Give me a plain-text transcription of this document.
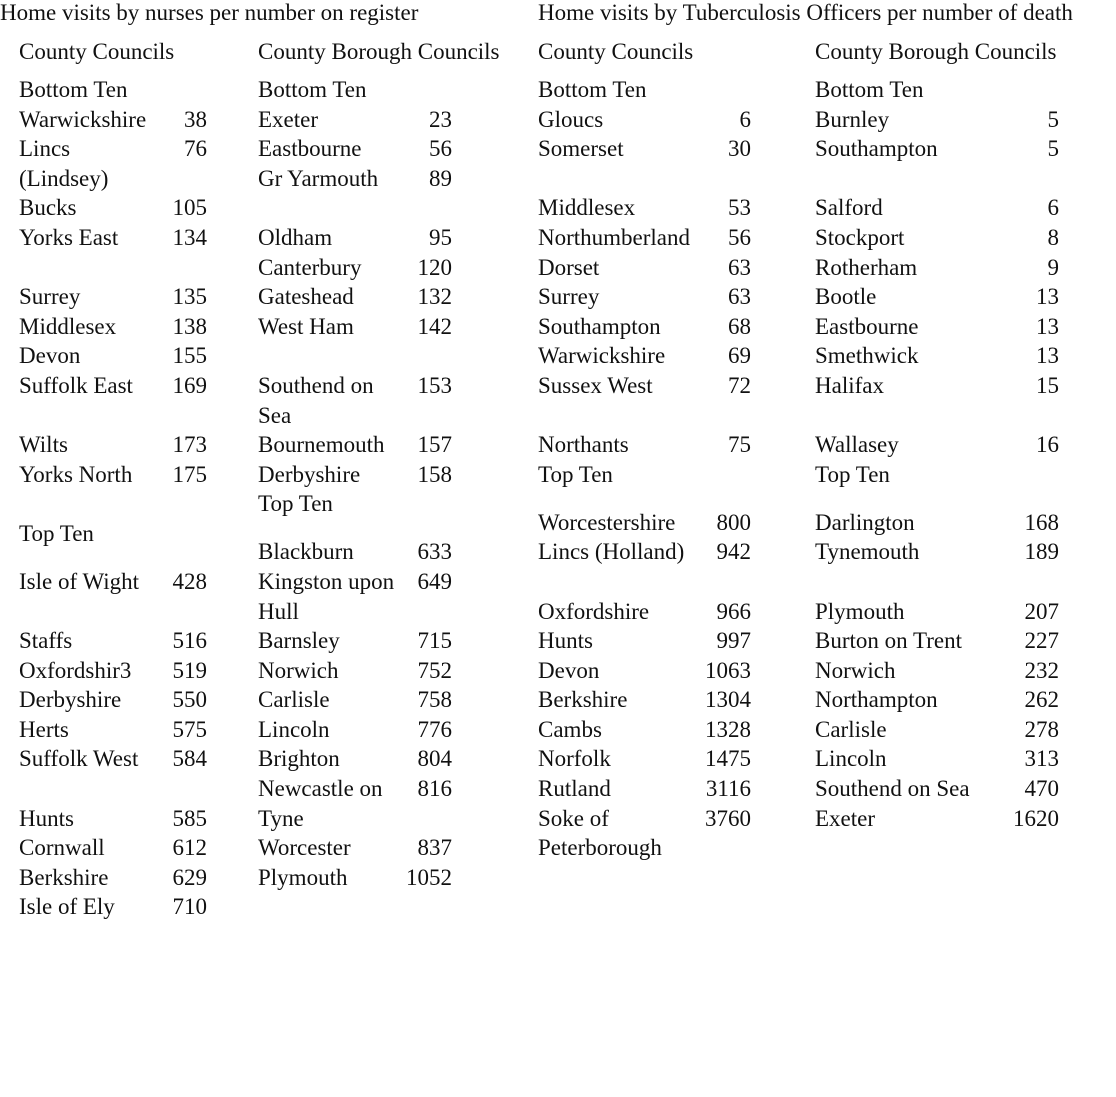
Home visits by nurses per number on register	Home visits by Tuberculosis Officers per number of death
County Councils
Bottom Ten
Warwickshire	38
Lincs (Lindsey)
76
Bucks	105
Yorks East	134
Surrey	135
Middlesex	138
Devon	155
Suffolk East	169
Wilts	173
Yorks North	175
Top Ten
Isle of Wight	428
Staffs	516
Oxfordshir3	519
Derbyshire	550
Herts	575
Suffolk West	584
Hunts	585
Cornwall	612
Berkshire	629
Isle of Ely	710
County Borough Councils
Bottom Ten
Exeter	23
Eastbourne	56
Gr Yarmouth	89
Oldham	95
Canterbury	120
Gateshead	132
West Ham	142
Southend on Sea
153
Bournemouth	157
Derbyshire	158
Top Ten
Blackburn	633
Kingston upon Hull
649
Barnsley	715
Norwich	752
Carlisle	758
Lincoln	776
Brighton	804
Newcastle on Tyne
816
Worcester	837
Plymouth	1052
County Councils
Bottom Ten
Gloucs	6
Somerset	30
Middlesex	53
Northumberland	56
Dorset	63
Surrey	63
Southampton	68
Warwickshire	69
Sussex West	72
Northants	75
Top Ten
Worcestershire	800
Lincs (Holland)	942
Oxfordshire	966
Hunts	997
Devon	1063
Berkshire	1304
Cambs	1328
Norfolk	1475
Rutland	3116
Soke of Peterborough
3760
County Borough Councils
Bottom Ten
Burnley	5
Southampton	5
Salford	6
Stockport	8
Rotherham	9
Bootle	13
Eastbourne	13
Smethwick	13
Halifax	15
Wallasey	16
Top Ten
Darlington	168
Tynemouth	189
Plymouth	207
Burton on Trent	227
Norwich	232
Northampton	262
Carlisle	278
Lincoln	313
Southend on Sea	470
Exeter	1620
